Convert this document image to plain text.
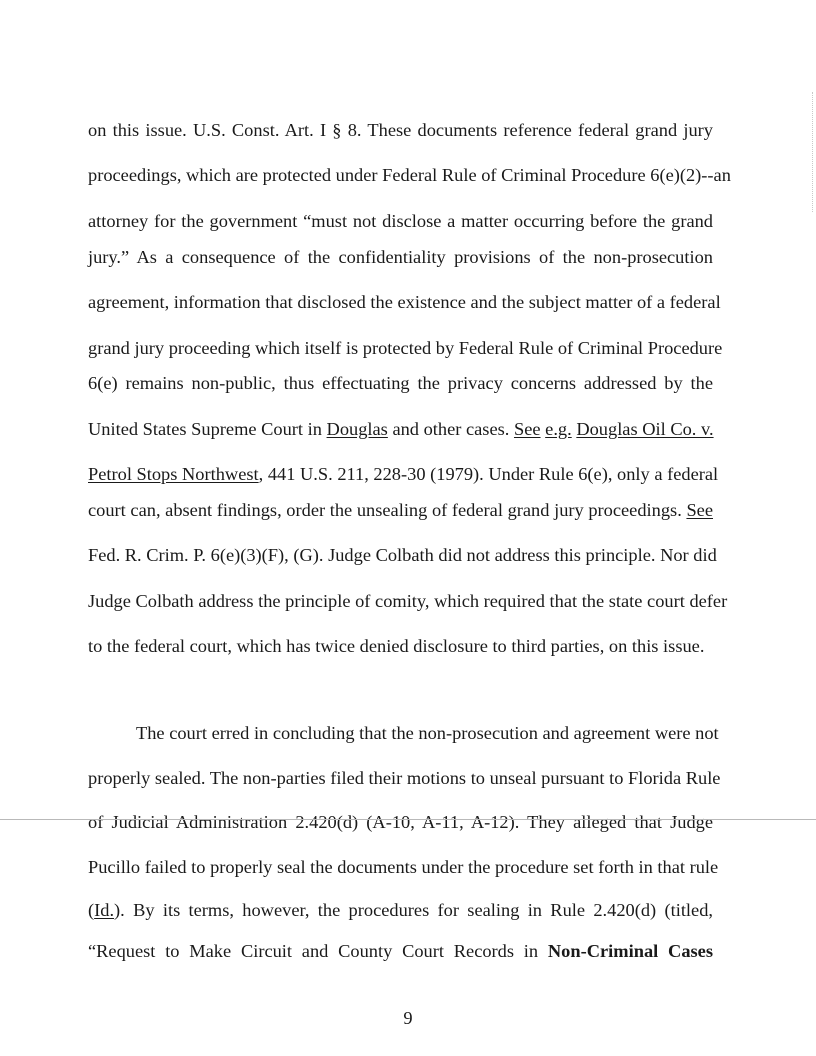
on this issue. U.S. Const. Art. I § 8. These documents reference federal grand jury
proceedings, which are protected under Federal Rule of Criminal Procedure 6(e)(2)--an
attorney for the government “must not disclose a matter occurring before the grand
jury.” As a consequence of the confidentiality provisions of the non-prosecution
agreement, information that disclosed the existence and the subject matter of a federal
grand jury proceeding which itself is protected by Federal Rule of Criminal Procedure
6(e) remains non-public, thus effectuating the privacy concerns addressed by the
United States Supreme Court in Douglas and other cases. See e.g. Douglas Oil Co. v.
Petrol Stops Northwest, 441 U.S. 211, 228-30 (1979). Under Rule 6(e), only a federal
court can, absent findings, order the unsealing of federal grand jury proceedings. See
Fed. R. Crim. P. 6(e)(3)(F), (G). Judge Colbath did not address this principle. Nor did
Judge Colbath address the principle of comity, which required that the state court defer
to the federal court, which has twice denied disclosure to third parties, on this issue.
The court erred in concluding that the non-prosecution and agreement were not
properly sealed. The non-parties filed their motions to unseal pursuant to Florida Rule
of Judicial Administration 2.420(d) (A-10, A-11, A-12). They alleged that Judge
Pucillo failed to properly seal the documents under the procedure set forth in that rule
(Id.). By its terms, however, the procedures for sealing in Rule 2.420(d) (titled,
“Request to Make Circuit and County Court Records in Non-Criminal Cases
9
